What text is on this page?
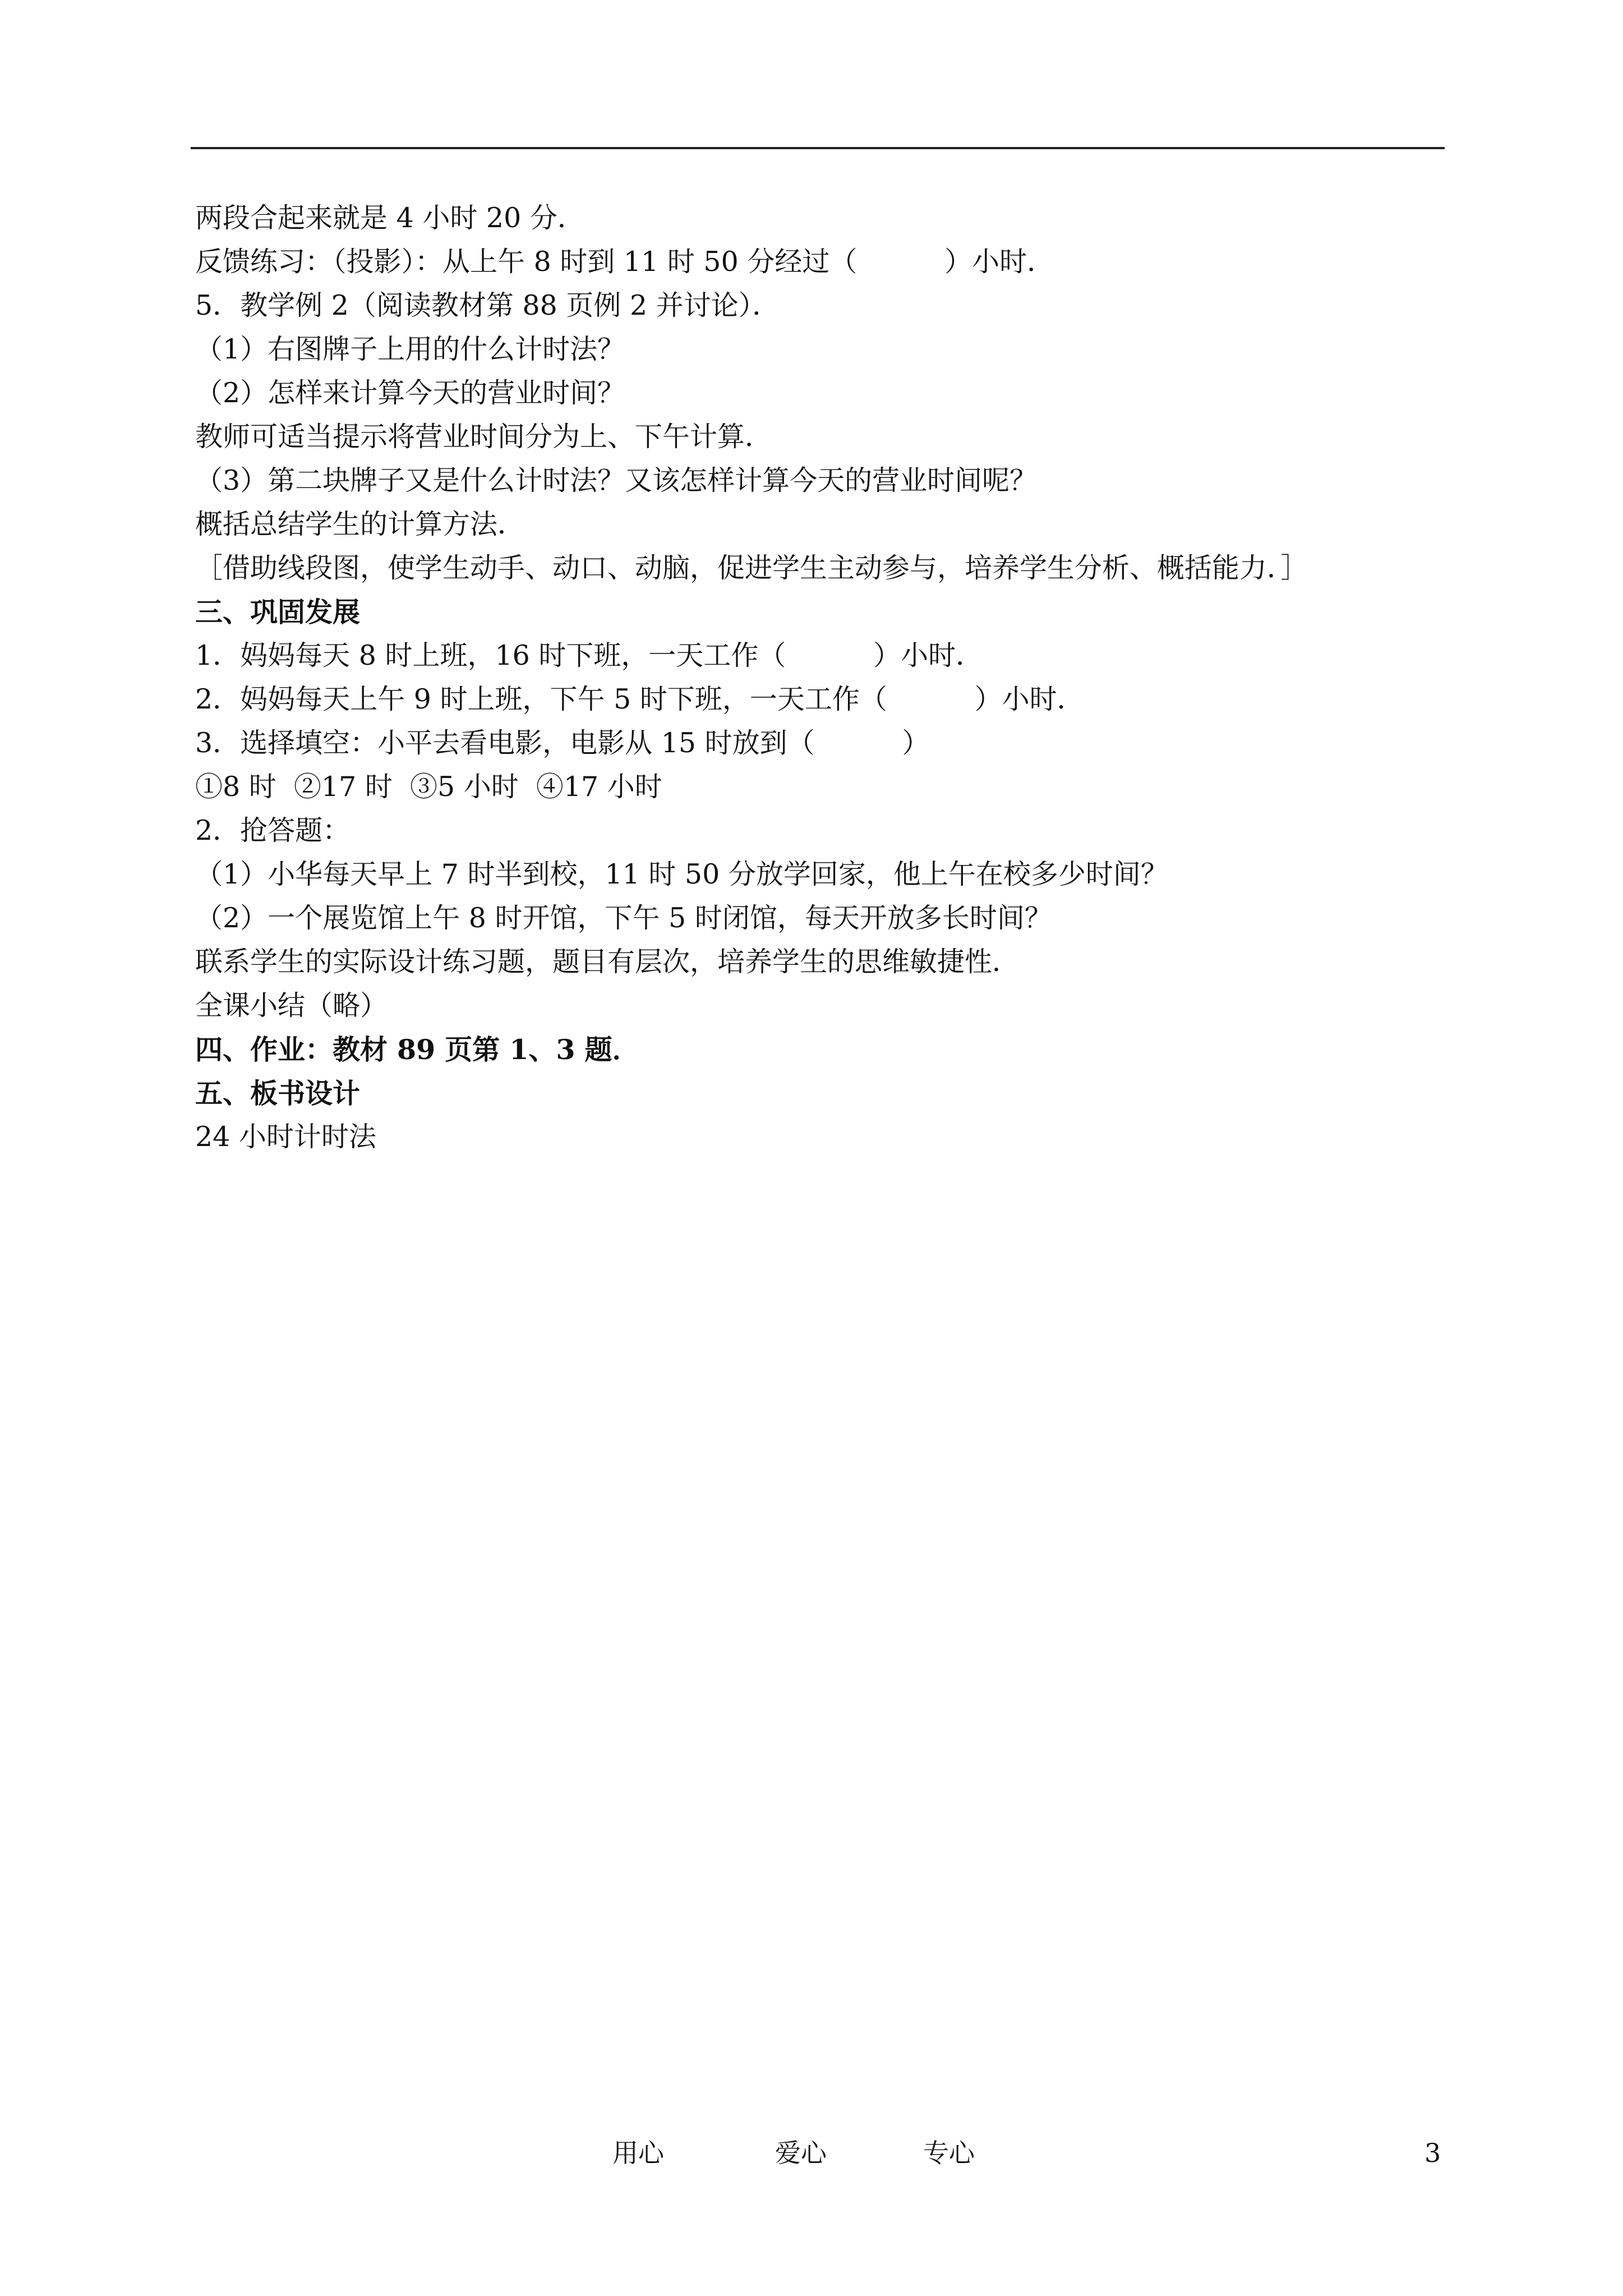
两段合起来就是 4 小时 20 分．
反馈练习：（投影）：从上午 8 时到 11 时 50 分经过（          ）小时．
5．教学例 2（阅读教材第 88 页例 2 并讨论）．
（1）右图牌子上用的什么计时法？
（2）怎样来计算今天的营业时间？
教师可适当提示将营业时间分为上、下午计算．
（3）第二块牌子又是什么计时法？又该怎样计算今天的营业时间呢？
概括总结学生的计算方法．
［借助线段图，使学生动手、动口、动脑，促进学生主动参与，培养学生分析、概括能力．］
三、巩固发展
1．妈妈每天 8 时上班，16 时下班，一天工作（          ）小时．
2．妈妈每天上午 9 时上班，下午 5 时下班，一天工作（          ）小时．
3．选择填空：小平去看电影，电影从 15 时放到（          ）
①8 时  ②17 时  ③5 小时  ④17 小时
2．抢答题：
（1）小华每天早上 7 时半到校，11 时 50 分放学回家，他上午在校多少时间？
（2）一个展览馆上午 8 时开馆，下午 5 时闭馆，每天开放多长时间？
联系学生的实际设计练习题，题目有层次，培养学生的思维敏捷性．
全课小结（略）
四、作业：教材 89 页第 1、3 题．
五、板书设计
24 小时计时法
用心	爱心	专心	3
